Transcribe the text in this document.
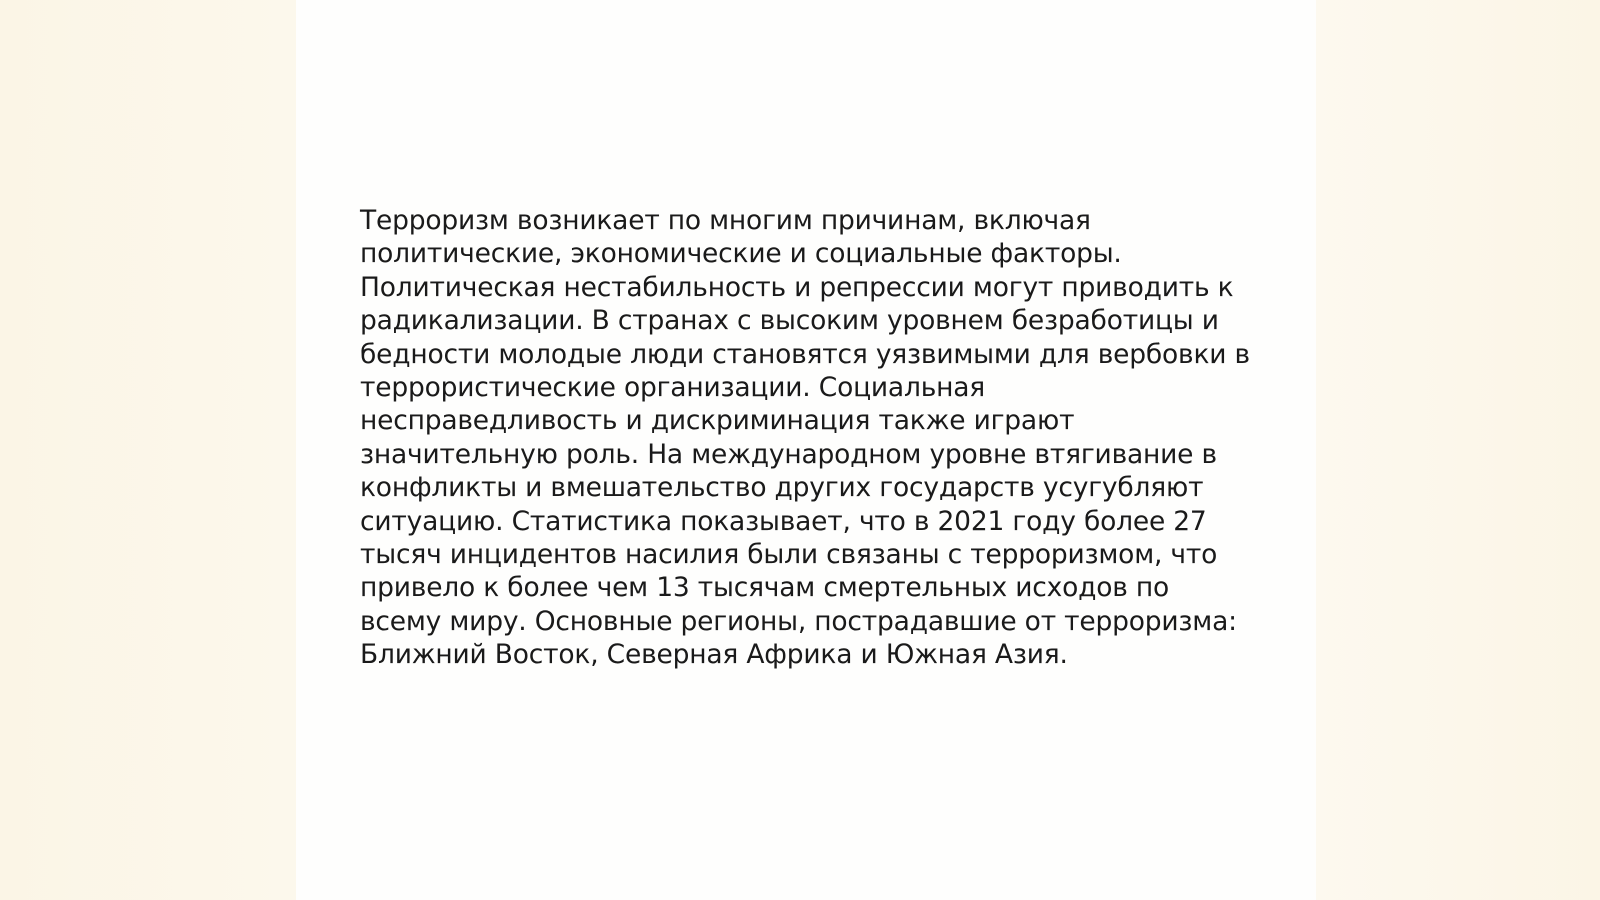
Терроризм возникает по многим причинам, включая
политические, экономические и социальные факторы.
Политическая нестабильность и репрессии могут приводить к
радикализации. В странах с высоким уровнем безработицы и
бедности молодые люди становятся уязвимыми для вербовки в
террористические организации. Социальная
несправедливость и дискриминация также играют
значительную роль. На международном уровне втягивание в
конфликты и вмешательство других государств усугубляют
ситуацию. Статистика показывает, что в 2021 году более 27
тысяч инцидентов насилия были связаны с терроризмом, что
привело к более чем 13 тысячам смертельных исходов по
всему миру. Основные регионы, пострадавшие от терроризма:
Ближний Восток, Северная Африка и Южная Азия.
